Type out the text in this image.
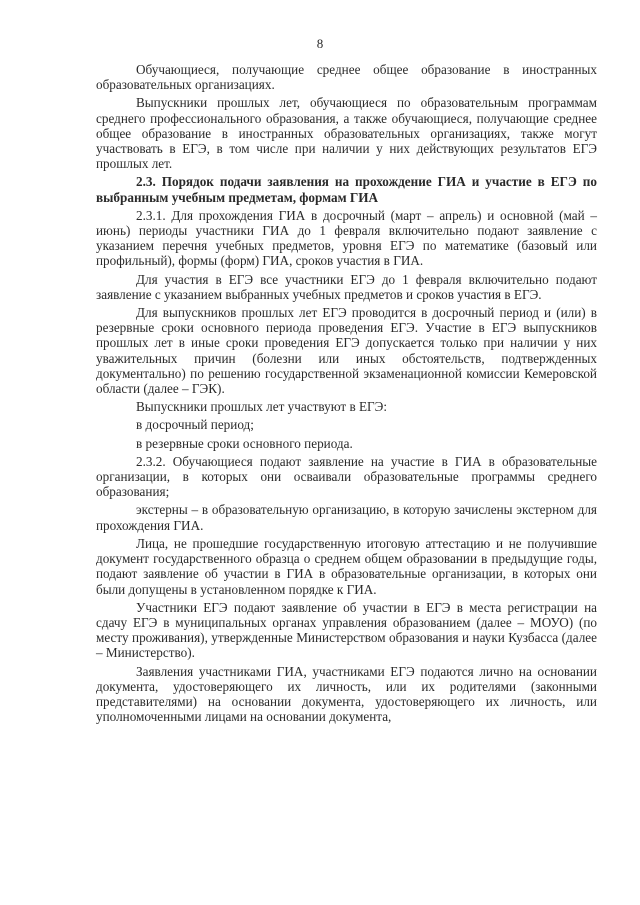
8

Обучающиеся, получающие среднее общее образование в иностранных образовательных организациях.

Выпускники прошлых лет, обучающиеся по образовательным программам среднего профессионального образования, а также обучающиеся, получающие среднее общее образование в иностранных образовательных организациях, также могут участвовать в ЕГЭ, в том числе при наличии у них действующих результатов ЕГЭ прошлых лет.

2.3. Порядок подачи заявления на прохождение ГИА и участие в ЕГЭ по выбранным учебным предметам, формам ГИА

2.3.1. Для прохождения ГИА в досрочный (март – апрель) и основной (май – июнь) периоды участники ГИА до 1 февраля включительно подают заявление с указанием перечня учебных предметов, уровня ЕГЭ по математике (базовый или профильный), формы (форм) ГИА, сроков участия в ГИА.

Для участия в ЕГЭ все участники ЕГЭ до 1 февраля включительно подают заявление с указанием выбранных учебных предметов и сроков участия в ЕГЭ.

Для выпускников прошлых лет ЕГЭ проводится в досрочный период и (или) в резервные сроки основного периода проведения ЕГЭ. Участие в ЕГЭ выпускников прошлых лет в иные сроки проведения ЕГЭ допускается только при наличии у них уважительных причин (болезни или иных обстоятельств, подтвержденных документально) по решению государственной экзаменационной комиссии Кемеровской области (далее – ГЭК).

Выпускники прошлых лет участвуют в ЕГЭ:

в досрочный период;

в резервные сроки основного периода.

2.3.2. Обучающиеся подают заявление на участие в ГИА в образовательные организации, в которых они осваивали образовательные программы среднего образования;

экстерны – в образовательную организацию, в которую зачислены экстерном для прохождения ГИА.

Лица, не прошедшие государственную итоговую аттестацию и не получившие документ государственного образца о среднем общем образовании в предыдущие годы, подают заявление об участии в ГИА в образовательные организации, в которых они были допущены в установленном порядке к ГИА.

Участники ЕГЭ подают заявление об участии в ЕГЭ в места регистрации на сдачу ЕГЭ в муниципальных органах управления образованием (далее – МОУО) (по месту проживания), утвержденные Министерством образования и науки Кузбасса (далее – Министерство).

Заявления участниками ГИА, участниками ЕГЭ подаются лично на основании документа, удостоверяющего их личность, или их родителями (законными представителями) на основании документа, удостоверяющего их личность, или уполномоченными лицами на основании документа,
